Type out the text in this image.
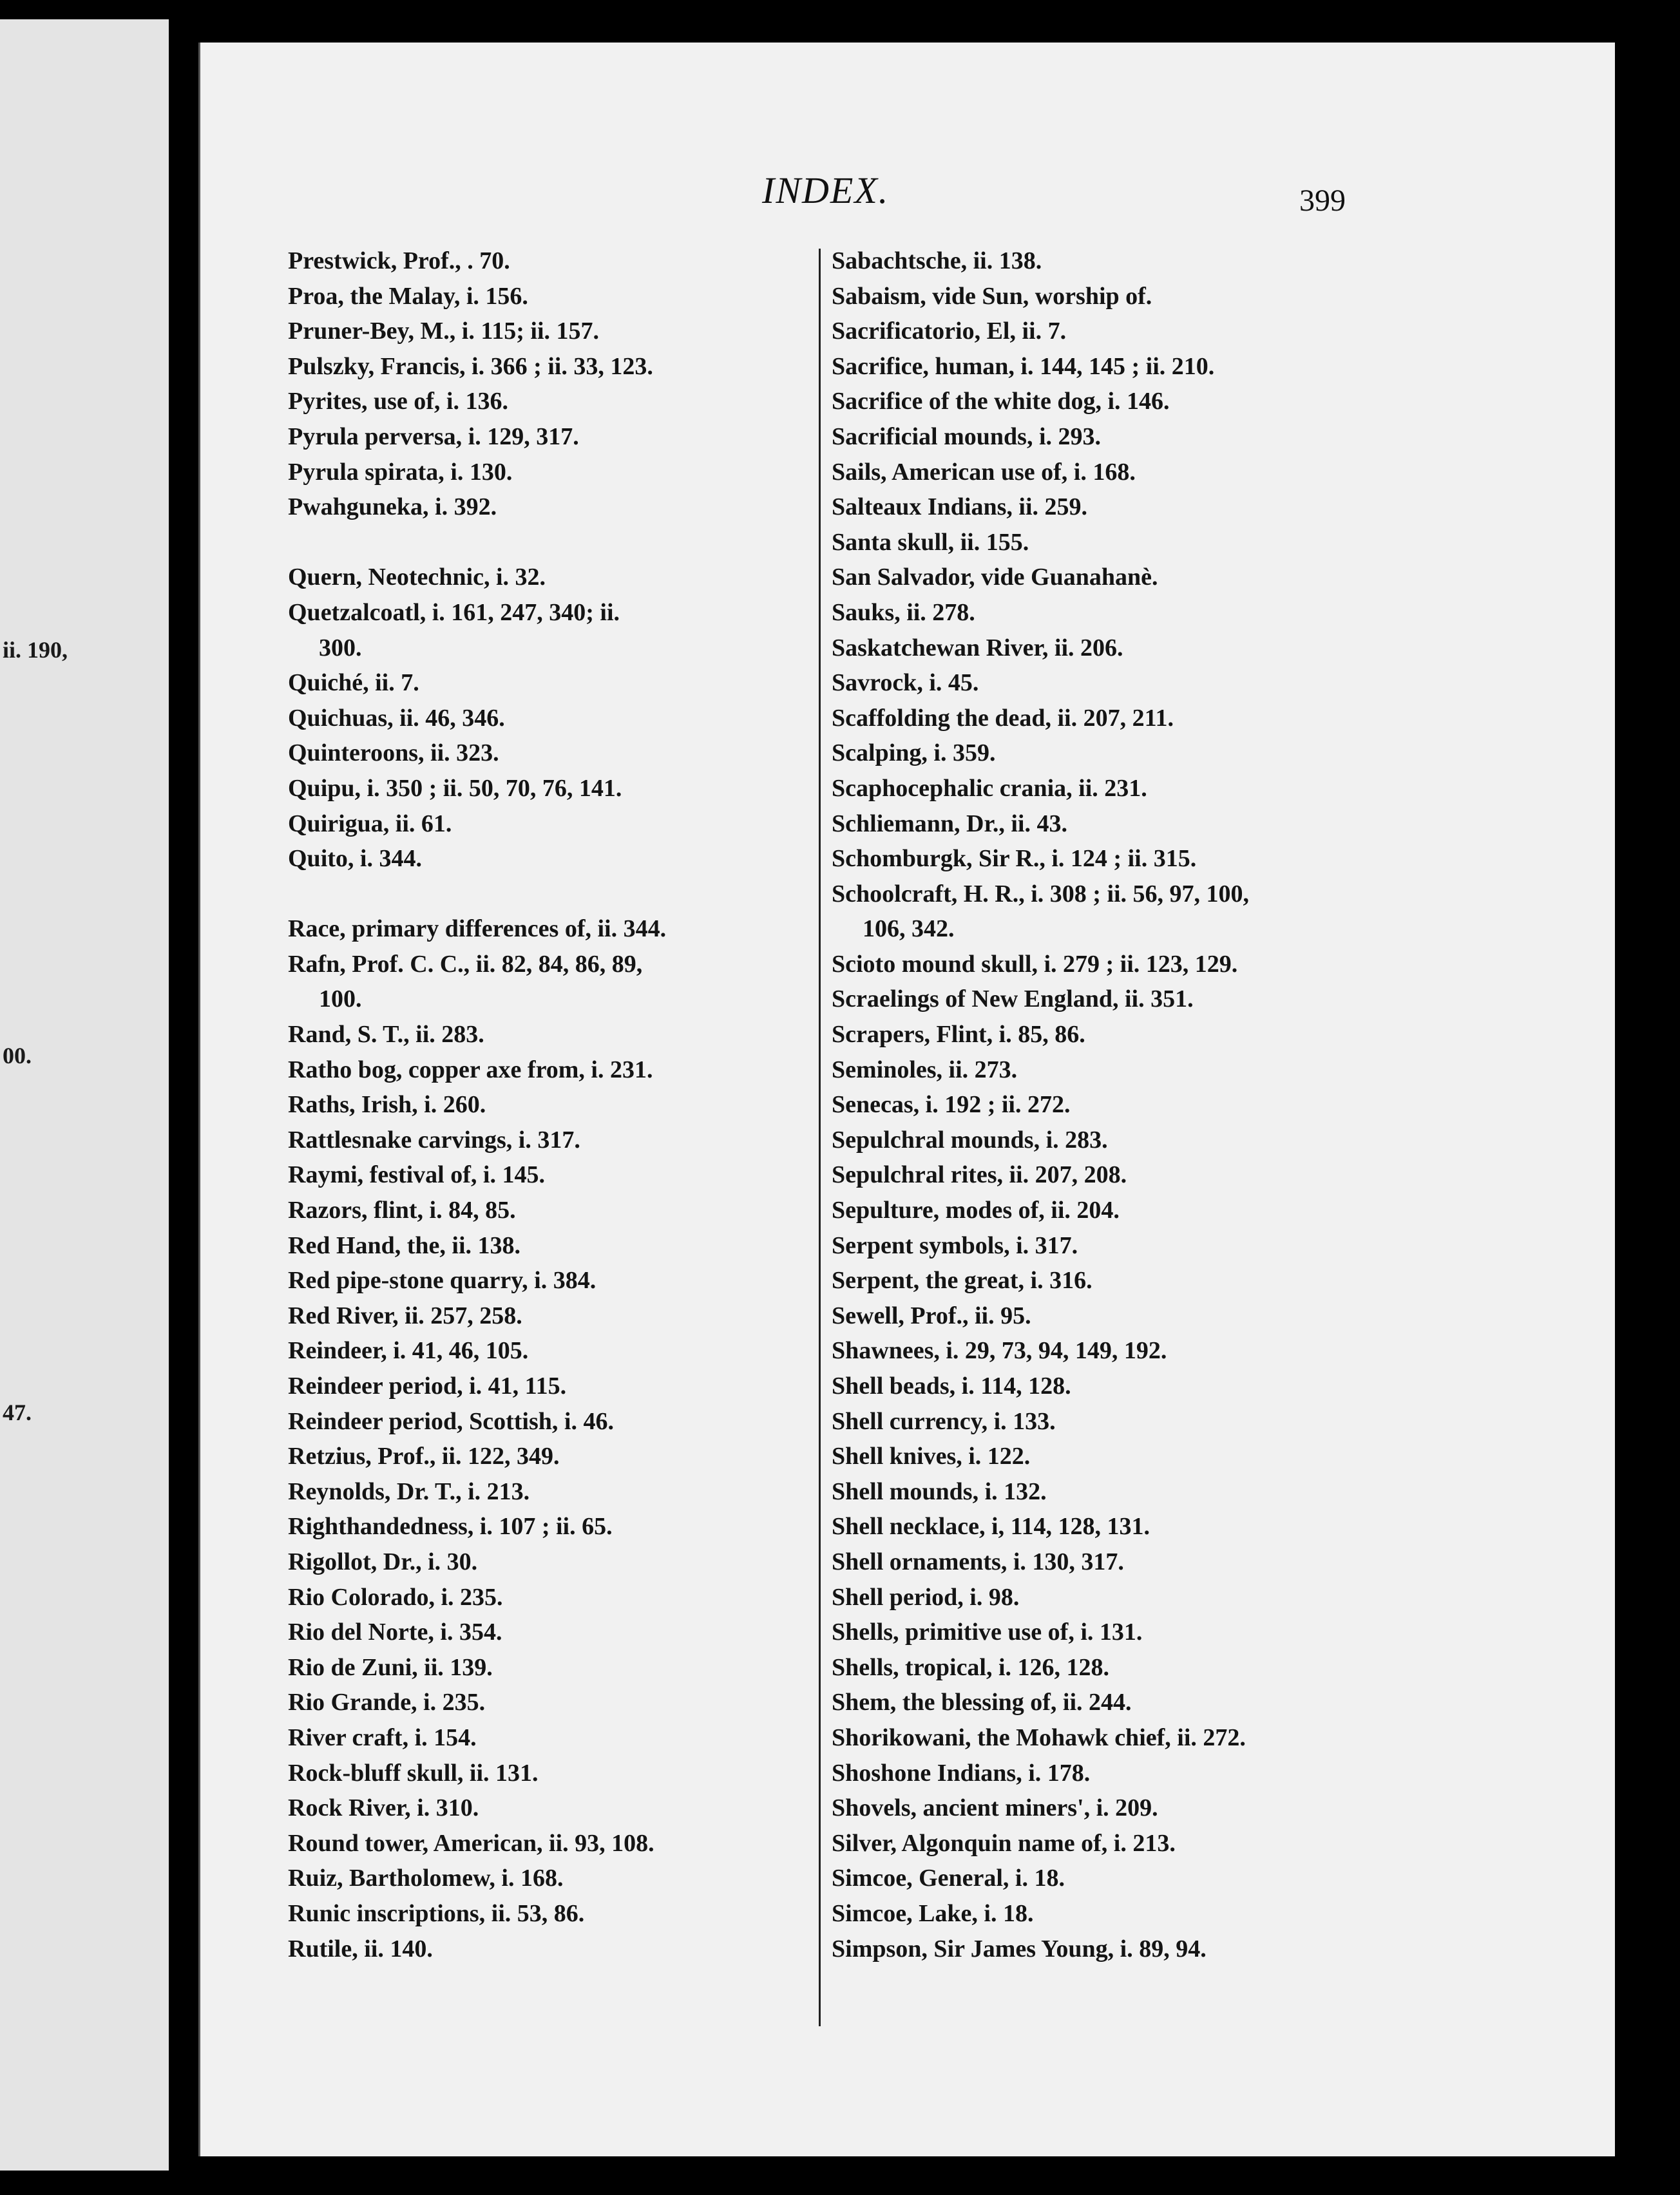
ii. 190,
00.
47.
INDEX.	399
Prestwick, Prof., . 70.
Proa, the Malay, i. 156.
Pruner-Bey, M., i. 115; ii. 157.
Pulszky, Francis, i. 366 ; ii. 33, 123.
Pyrites, use of, i. 136.
Pyrula perversa, i. 129, 317.
Pyrula spirata, i. 130.
Pwahguneka, i. 392.
Quern, Neotechnic, i. 32.
Quetzalcoatl, i. 161, 247, 340; ii.
300.
Quiché, ii. 7.
Quichuas, ii. 46, 346.
Quinteroons, ii. 323.
Quipu, i. 350 ; ii. 50, 70, 76, 141.
Quirigua, ii. 61.
Quito, i. 344.
Race, primary differences of, ii. 344.
Rafn, Prof. C. C., ii. 82, 84, 86, 89,
100.
Rand, S. T., ii. 283.
Ratho bog, copper axe from, i. 231.
Raths, Irish, i. 260.
Rattlesnake carvings, i. 317.
Raymi, festival of, i. 145.
Razors, flint, i. 84, 85.
Red Hand, the, ii. 138.
Red pipe-stone quarry, i. 384.
Red River, ii. 257, 258.
Reindeer, i. 41, 46, 105.
Reindeer period, i. 41, 115.
Reindeer period, Scottish, i. 46.
Retzius, Prof., ii. 122, 349.
Reynolds, Dr. T., i. 213.
Righthandedness, i. 107 ; ii. 65.
Rigollot, Dr., i. 30.
Rio Colorado, i. 235.
Rio del Norte, i. 354.
Rio de Zuni, ii. 139.
Rio Grande, i. 235.
River craft, i. 154.
Rock-bluff skull, ii. 131.
Rock River, i. 310.
Round tower, American, ii. 93, 108.
Ruiz, Bartholomew, i. 168.
Runic inscriptions, ii. 53, 86.
Rutile, ii. 140.
Sabachtsche, ii. 138.
Sabaism, vide Sun, worship of.
Sacrificatorio, El, ii. 7.
Sacrifice, human, i. 144, 145 ; ii. 210.
Sacrifice of the white dog, i. 146.
Sacrificial mounds, i. 293.
Sails, American use of, i. 168.
Salteaux Indians, ii. 259.
Santa skull, ii. 155.
San Salvador, vide Guanahanè.
Sauks, ii. 278.
Saskatchewan River, ii. 206.
Savrock, i. 45.
Scaffolding the dead, ii. 207, 211.
Scalping, i. 359.
Scaphocephalic crania, ii. 231.
Schliemann, Dr., ii. 43.
Schomburgk, Sir R., i. 124 ; ii. 315.
Schoolcraft, H. R., i. 308 ; ii. 56, 97, 100,
106, 342.
Scioto mound skull, i. 279 ; ii. 123, 129.
Scraelings of New England, ii. 351.
Scrapers, Flint, i. 85, 86.
Seminoles, ii. 273.
Senecas, i. 192 ; ii. 272.
Sepulchral mounds, i. 283.
Sepulchral rites, ii. 207, 208.
Sepulture, modes of, ii. 204.
Serpent symbols, i. 317.
Serpent, the great, i. 316.
Sewell, Prof., ii. 95.
Shawnees, i. 29, 73, 94, 149, 192.
Shell beads, i. 114, 128.
Shell currency, i. 133.
Shell knives, i. 122.
Shell mounds, i. 132.
Shell necklace, i, 114, 128, 131.
Shell ornaments, i. 130, 317.
Shell period, i. 98.
Shells, primitive use of, i. 131.
Shells, tropical, i. 126, 128.
Shem, the blessing of, ii. 244.
Shorikowani, the Mohawk chief, ii. 272.
Shoshone Indians, i. 178.
Shovels, ancient miners', i. 209.
Silver, Algonquin name of, i. 213.
Simcoe, General, i. 18.
Simcoe, Lake, i. 18.
Simpson, Sir James Young, i. 89, 94.
